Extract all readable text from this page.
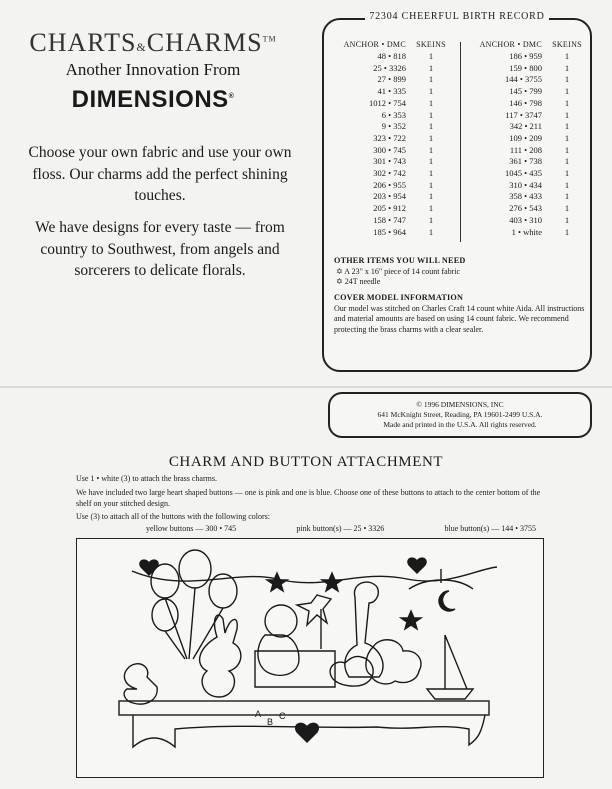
CHARTS&CHARMS™
Another Innovation From
DIMENSIONS®

Choose your own fabric and use your own floss. Our charms add the perfect shining touches.

We have designs for every taste — from country to Southwest, from angels and sorcerers to delicate florals.

72304 CHEERFUL BIRTH RECORD
ANCHOR • DMC	SKEINS
48 • 818	1
25 • 3326	1
27 • 899	1
41 • 335	1
1012 • 754	1
6 • 353	1
9 • 352	1
323 • 722	1
300 • 745	1
301 • 743	1
302 • 742	1
206 • 955	1
203 • 954	1
205 • 912	1
158 • 747	1
185 • 964	1
ANCHOR • DMC	SKEINS
186 • 959	1
159 • 800	1
144 • 3755	1
145 • 799	1
146 • 798	1
117 • 3747	1
342 • 211	1
109 • 209	1
111 • 208	1
361 • 738	1
1045 • 435	1
310 • 434	1
358 • 433	1
276 • 543	1
403 • 310	1
1 • white	1
OTHER ITEMS YOU WILL NEED
✡ A 23" x 16" piece of 14 count fabric
✡ 24T needle
COVER MODEL INFORMATION
Our model was stitched on Charles Craft 14 count white Aida. All instructions and material amounts are based on using 14 count fabric. We recommend protecting the brass charms with a clear sealer.
© 1996 DIMENSIONS, INC
641 McKnight Street, Reading, PA 19601-2499 U.S.A.
Made and printed in the U.S.A. All rights reserved.
CHARM AND BUTTON ATTACHMENT

Use 1 • white (3) to attach the brass charms.

We have included two large heart shaped buttons — one is pink and one is blue. Choose one of these buttons to attach to the center bottom of the shelf on your stitched design.

Use (3) to attach all of the buttons with the following colors:

yellow buttons — 300 • 745	pink button(s) — 25 • 3326	blue button(s) — 144 • 3755
A
B
C
